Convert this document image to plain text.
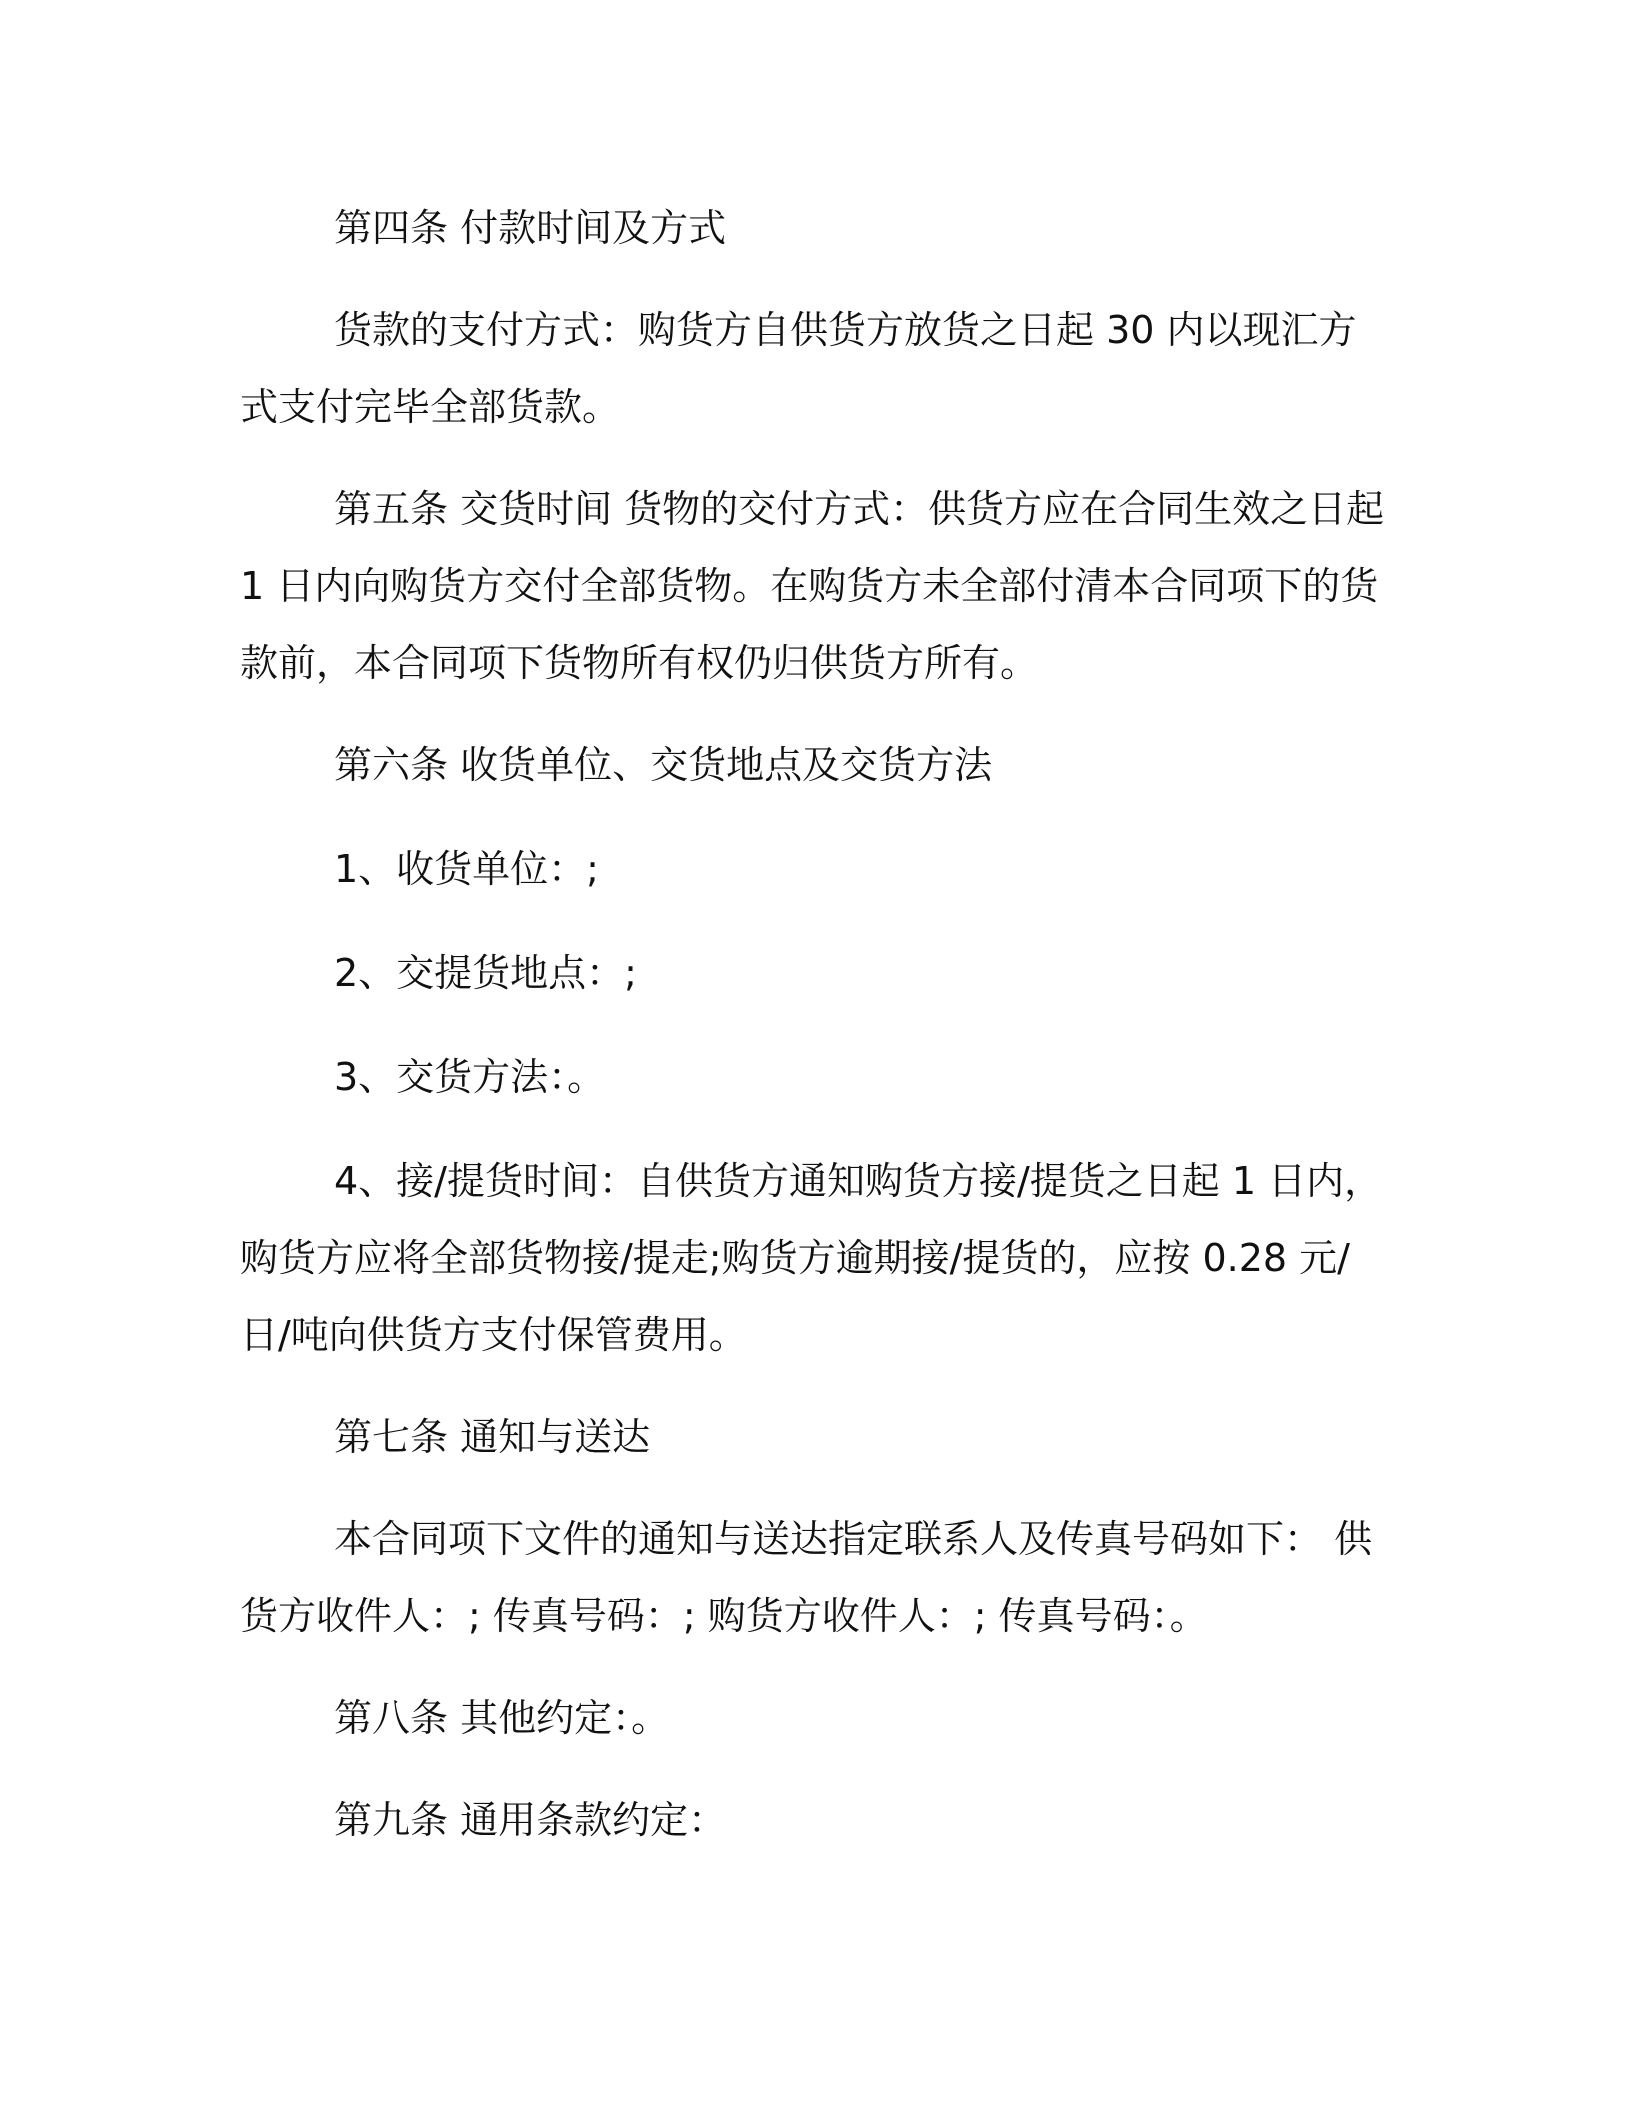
第四条 付款时间及方式

货款的支付方式：购货方自供货方放货之日起 30 内以现汇方式支付完毕全部货款。

第五条 交货时间 货物的交付方式：供货方应在合同生效之日起 1 日内向购货方交付全部货物。在购货方未全部付清本合同项下的货款前，本合同项下货物所有权仍归供货方所有。

第六条 收货单位、交货地点及交货方法

1、收货单位：;

2、交提货地点：;

3、交货方法：。

4、接/提货时间：自供货方通知购货方接/提货之日起 1 日内，购货方应将全部货物接/提走;购货方逾期接/提货的，应按 0.28 元/日/吨向供货方支付保管费用。

第七条 通知与送达

本合同项下文件的通知与送达指定联系人及传真号码如下： 供货方收件人：; 传真号码：; 购货方收件人：; 传真号码：。

第八条 其他约定：。

第九条 通用条款约定：
